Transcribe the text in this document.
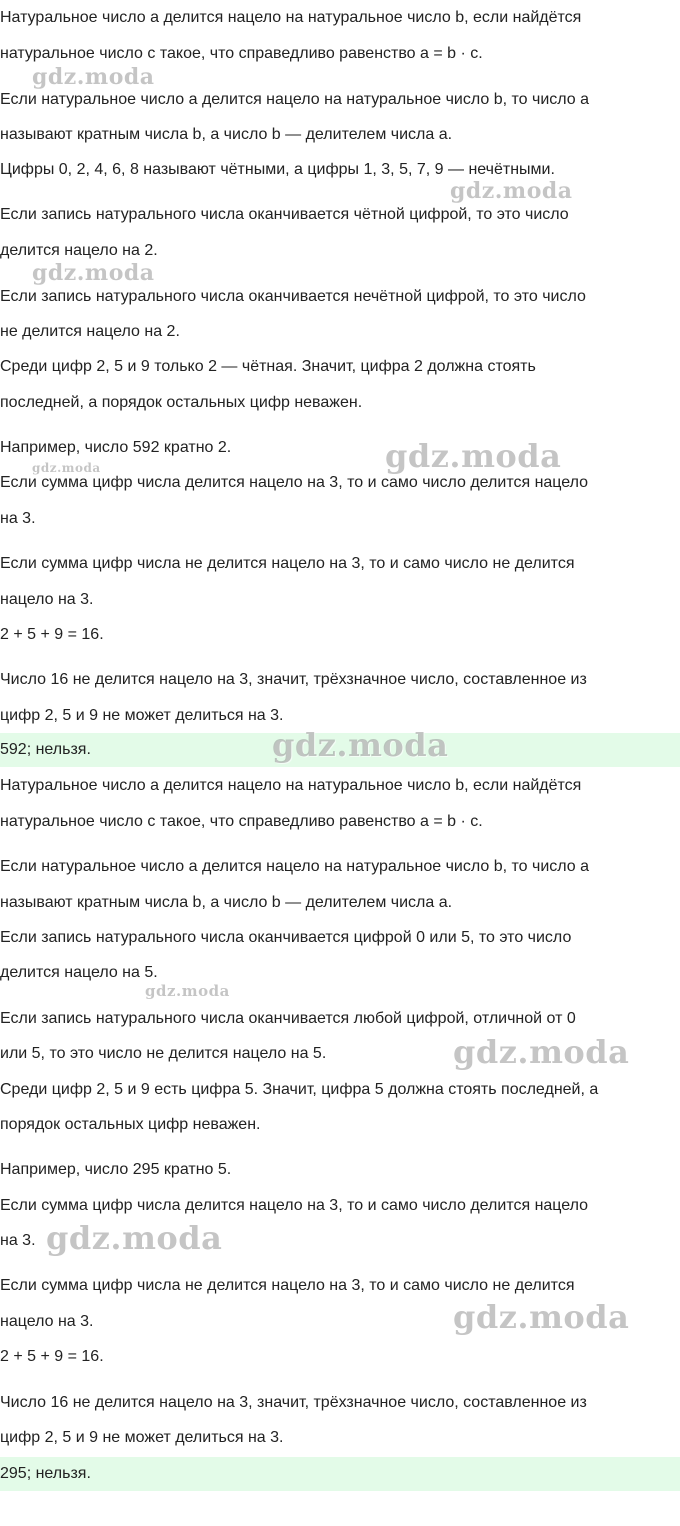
Натуральное число a делится нацело на натуральное число b, если найдётся
натуральное число c такое, что справедливо равенство a = b · c.
Если натуральное число a делится нацело на натуральное число b, то число a
называют кратным числа b, а число b — делителем числа a.
Цифры 0, 2, 4, 6, 8 называют чётными, а цифры 1, 3, 5, 7, 9 — нечётными.
Если запись натурального числа оканчивается чётной цифрой, то это число
делится нацело на 2.
Если запись натурального числа оканчивается нечётной цифрой, то это число
не делится нацело на 2.
Среди цифр 2, 5 и 9 только 2 — чётная. Значит, цифра 2 должна стоять
последней, а порядок остальных цифр неважен.
Например, число 592 кратно 2.
Если сумма цифр числа делится нацело на 3, то и само число делится нацело
на 3.
Если сумма цифр числа не делится нацело на 3, то и само число не делится
нацело на 3.
2 + 5 + 9 = 16.
Число 16 не делится нацело на 3, значит, трёхзначное число, составленное из
цифр 2, 5 и 9 не может делиться на 3.
592; нельзя.
Натуральное число a делится нацело на натуральное число b, если найдётся
натуральное число c такое, что справедливо равенство a = b · c.
Если натуральное число a делится нацело на натуральное число b, то число a
называют кратным числа b, а число b — делителем числа a.
Если запись натурального числа оканчивается цифрой 0 или 5, то это число
делится нацело на 5.
Если запись натурального числа оканчивается любой цифрой, отличной от 0
или 5, то это число не делится нацело на 5.
Среди цифр 2, 5 и 9 есть цифра 5. Значит, цифра 5 должна стоять последней, а
порядок остальных цифр неважен.
Например, число 295 кратно 5.
Если сумма цифр числа делится нацело на 3, то и само число делится нацело
на 3.
Если сумма цифр числа не делится нацело на 3, то и само число не делится
нацело на 3.
2 + 5 + 9 = 16.
Число 16 не делится нацело на 3, значит, трёхзначное число, составленное из
цифр 2, 5 и 9 не может делиться на 3.
295; нельзя.
gdz.moda
gdz.moda
gdz.moda
gdz.moda
gdz.moda
gdz.moda
gdz.moda
gdz.moda
gdz.moda
gdz.moda
